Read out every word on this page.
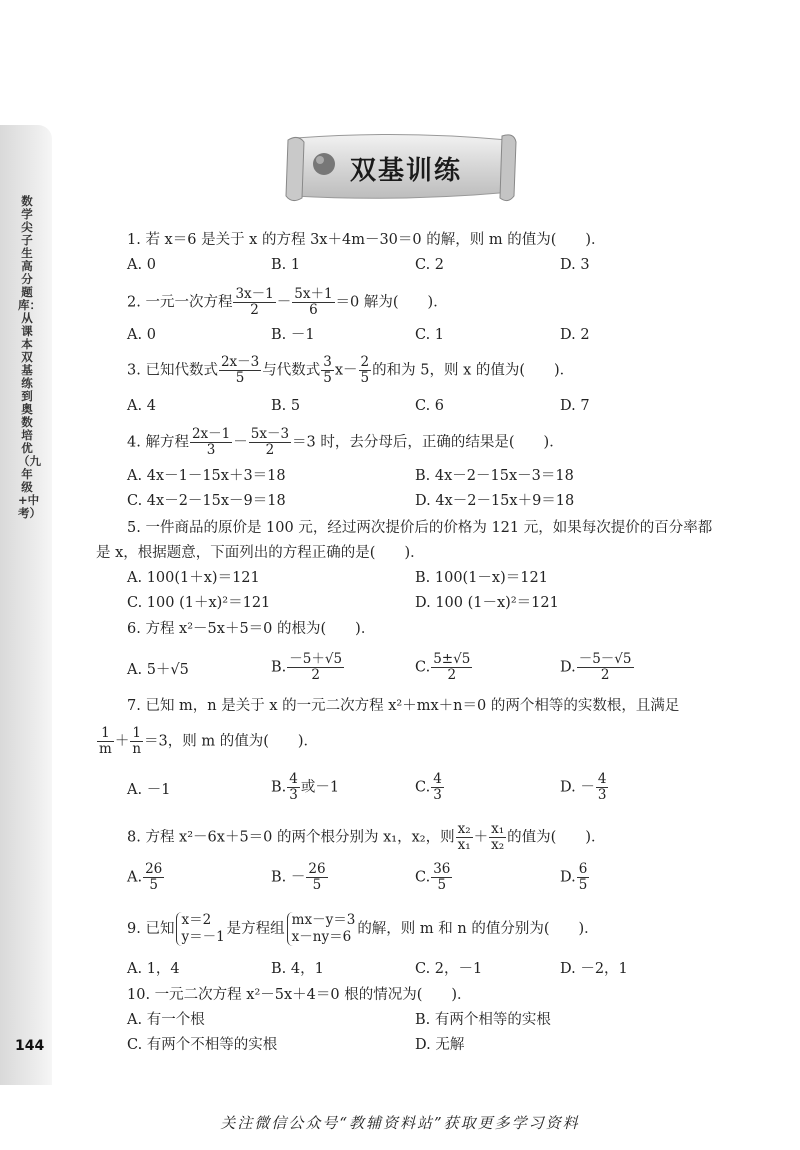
数学尖子生高分题库：从课本双基练到奥数培优（九年级+中考）
144
双基训练
1. 若 x＝6 是关于 x 的方程 3x＋4m－30＝0 的解，则 m 的值为(　　)．
A. 0	B. 1	C. 2	D. 3
2. 一元一次方程 $\frac{3x-1}{2} - \frac{5x+1}{6} =0$ 解为(　　)．
A. 0	B. －1	C. 1	D. 2
3. 已知代数式 $\frac{2x-3}{5}$ 与代数式 $\frac{3}{5} x- \frac{2}{5}$ 的和为 5，则 x 的值为(　　)．
A. 4	B. 5	C. 6	D. 7
4. 解方程 $\frac{2x-1}{3} - \frac{5x-3}{2} =3$ 时，去分母后，正确的结果是(　　)．
A. 4x－1－15x＋3＝18	B. 4x－2－15x－3＝18
C. 4x－2－15x－9＝18	D. 4x－2－15x＋9＝18
5. 一件商品的原价是 100 元，经过两次提价后的价格为 121 元，如果每次提价的百分率都
是 x，根据题意，下面列出的方程正确的是(　　)．
A. 100(1＋x)＝121	B. 100(1－x)＝121
C. 100 (1＋x)²＝121	D. 100 (1－x)²＝121
6. 方程 x²－5x＋5＝0 的根为(　　)．
A. 5＋√5	B. $\frac{-5+√5}{2}$	C. $\frac{5\pm√5}{2}$	D. $\frac{-5-√5}{2}$
7. 已知 m，n 是关于 x 的一元二次方程 x²＋mx＋n＝0 的两个相等的实数根，且满足
$\frac{1}{m} + \frac{1}{n} =3$，则 m 的值为(　　)．
A. －1	B. $\frac{4}{3}$ 或－1	C. $\frac{4}{3}$	D. － $\frac{4}{3}$
8. 方程 x²－6x＋5＝0 的两个根分别为 x₁，x₂，则 $\frac{\text{x₂}}{\text{x₁}} + \frac{\text{x₁}}{\text{x₂}}$ 的值为(　　)．
A. $\frac{26}{5}$	B. － $\frac{26}{5}$	C. $\frac{36}{5}$	D. $\frac{6}{5}$
9. 已知
x＝2
y＝－1 是方程组
mx－y＝3
x－ny＝6 的解，则 m 和 n 的值分别为(　　)．
A. 1，4	B. 4，1	C. 2，－1	D. －2，1
10. 一元二次方程 x²－5x＋4＝0 根的情况为(　　)．
A. 有一个根	B. 有两个相等的实根
C. 有两个不相等的实根	D. 无解
关注微信公众号“教辅资料站”获取更多学习资料
